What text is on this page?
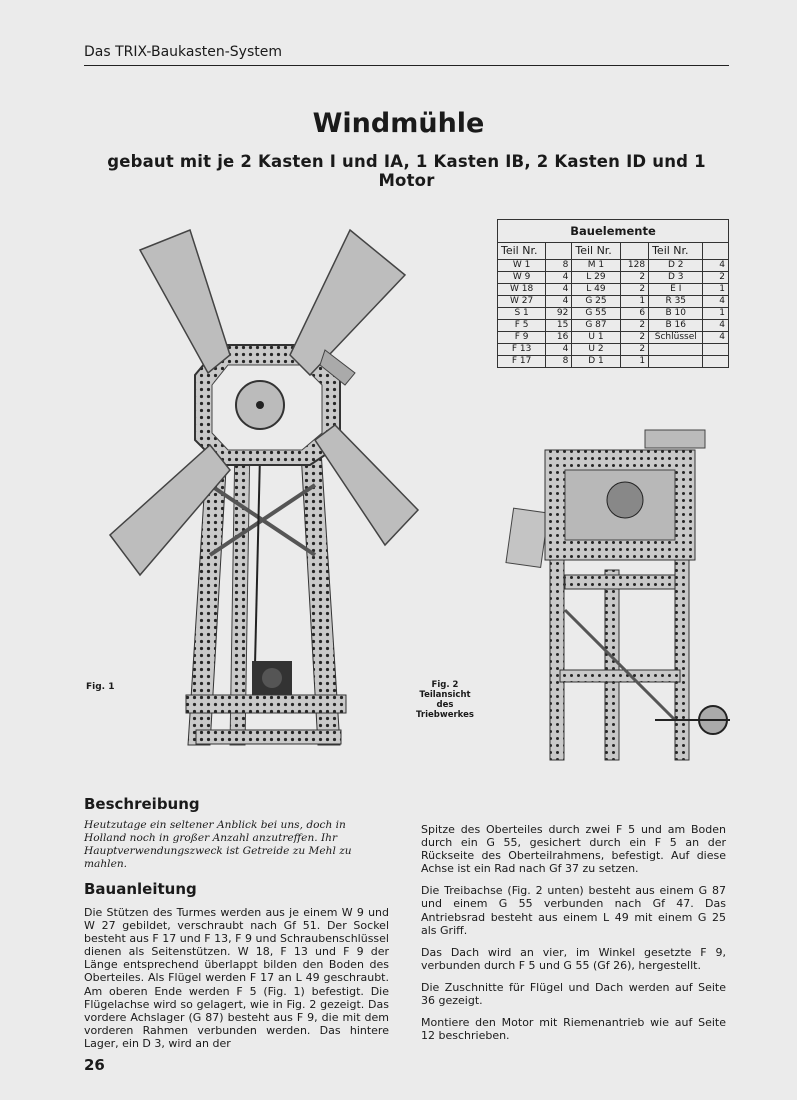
Das TRIX-Baukasten-System
Windmühle
gebaut mit je 2 Kasten I und IA, 1 Kasten IB, 2 Kasten ID und 1 Motor
Bauelemente					
Teil Nr.		Teil Nr.		Teil Nr.	
W 1	8	M 1	128	D 2	4
W 9	4	L 29	2	D 3	2
W 18	4	L 49	2	E I	1
W 27	4	G 25	1	R 35	4
S 1	92	G 55	6	B 10	1
F 5	15	G 87	2	B 16	4
F 9	16	U 1	2	Schlüssel	4
F 13	4	U 2	2		
F 17	8	D 1	1		
Fig. 1	Fig. 2
Teilansicht
des
Triebwerkes
Beschreibung

Heutzutage ein seltener Anblick bei uns, doch in Holland noch in großer Anzahl anzutreffen. Ihr Hauptverwendungszweck ist Getreide zu Mehl zu mahlen.

Bauanleitung

Die Stützen des Turmes werden aus je einem W 9 und W 27 gebildet, verschraubt nach Gf 51. Der Sockel besteht aus F 17 und F 13, F 9 und Schraubenschlüssel dienen als Seitenstützen. W 18, F 13 und F 9 der Länge entsprechend überlappt bilden den Boden des Oberteiles. Als Flügel werden F 17 an L 49 geschraubt. Am oberen Ende werden F 5 (Fig. 1) befestigt. Die Flügelachse wird so gelagert, wie in Fig. 2 gezeigt. Das vordere Achslager (G 87) besteht aus F 9, die mit dem vorderen Rahmen verbunden werden. Das hintere Lager, ein D 3, wird an der

Spitze des Oberteiles durch zwei F 5 und am Boden durch ein G 55, gesichert durch ein F 5 an der Rückseite des Oberteilrahmens, befestigt. Auf diese Achse ist ein Rad nach Gf 37 zu setzen.

Die Treibachse (Fig. 2 unten) besteht aus einem G 87 und einem G 55 verbunden nach Gf 47. Das Antriebsrad besteht aus einem L 49 mit einem G 25 als Griff.

Das Dach wird an vier, im Winkel gesetzte F 9, verbunden durch F 5 und G 55 (Gf 26), hergestellt.

Die Zuschnitte für Flügel und Dach werden auf Seite 36 gezeigt.

Montiere den Motor mit Riemenantrieb wie auf Seite 12 beschrieben.

26
